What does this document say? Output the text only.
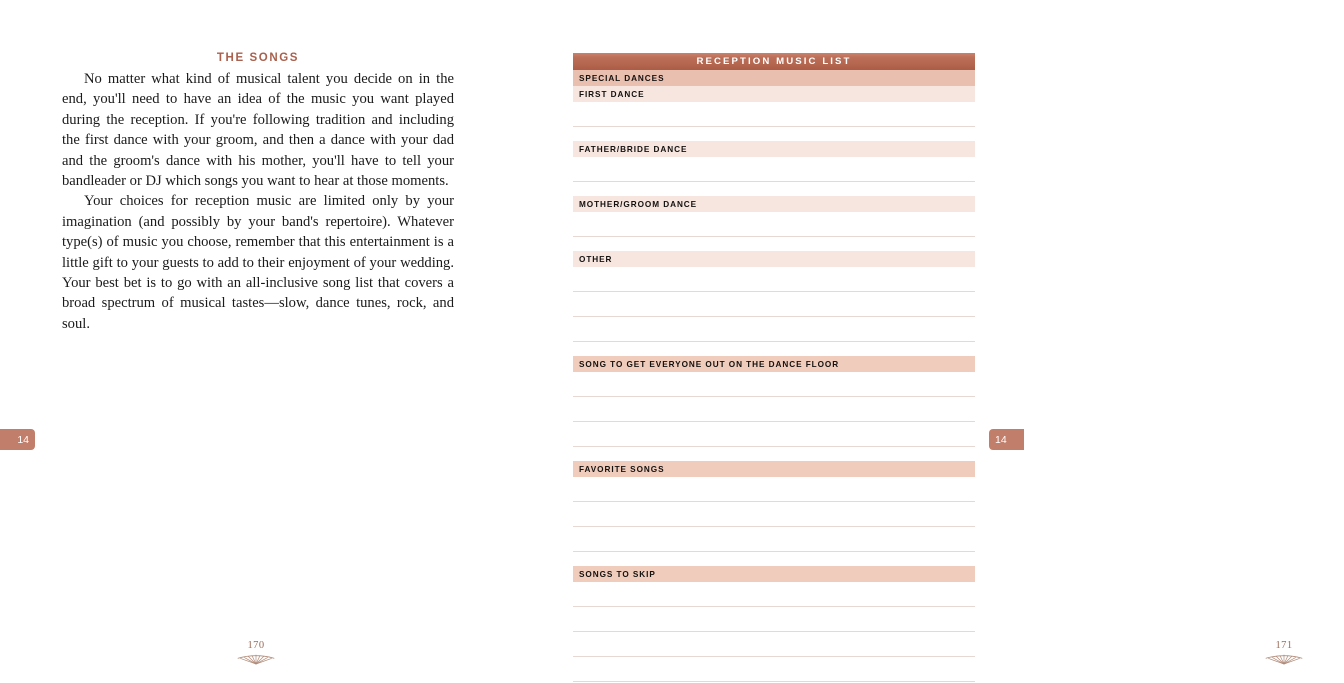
THE SONGS

No matter what kind of musical talent you decide on in the end, you'll need to have an idea of the music you want played during the reception. If you're following tradition and including the first dance with your groom, and then a dance with your dad and the groom's dance with his mother, you'll have to tell your bandleader or DJ which songs you want to hear at those moments.

Your choices for reception music are limited only by your imagination (and possibly by your band's repertoire). Whatever type(s) of music you choose, remember that this entertainment is a little gift to your guests to add to their enjoyment of your wedding. Your best bet is to go with an all-inclusive song list that covers a broad spectrum of musical tastes—slow, dance tunes, rock, and soul.

170
14
RECEPTION MUSIC LIST
SPECIAL DANCES
FIRST DANCE
FATHER/BRIDE DANCE
MOTHER/GROOM DANCE
OTHER
SONG TO GET EVERYONE OUT ON THE DANCE FLOOR
FAVORITE SONGS
SONGS TO SKIP
171
14
